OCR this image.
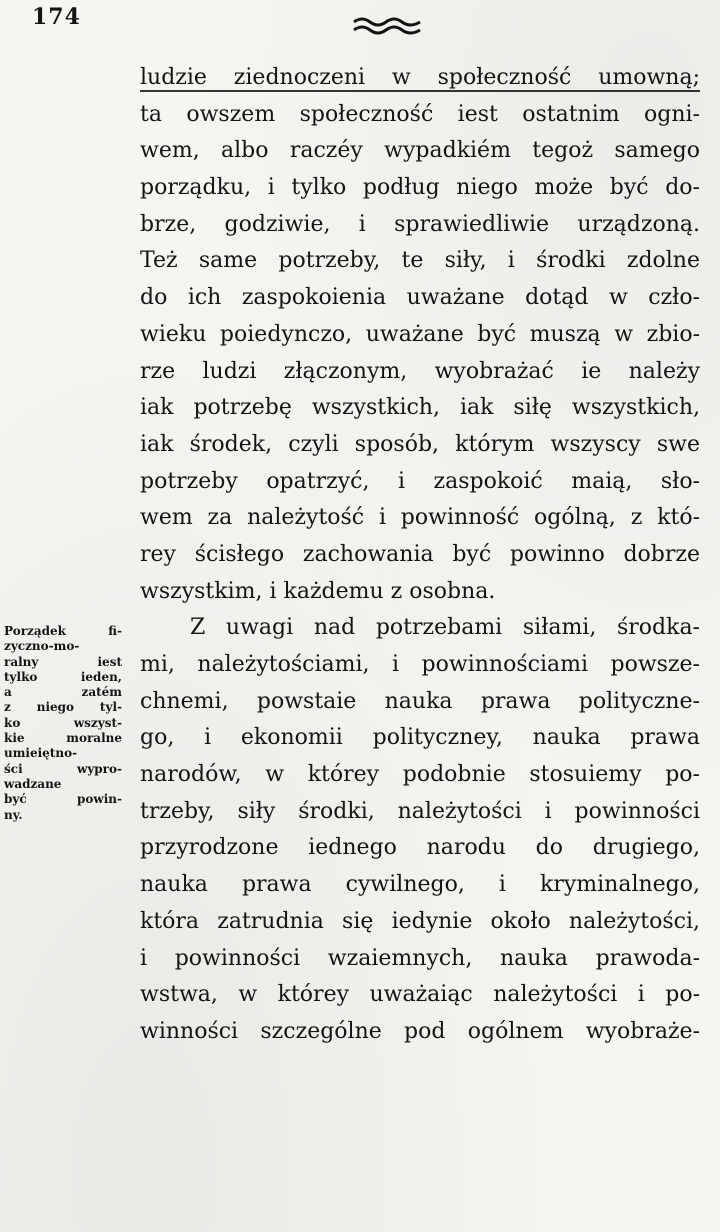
174
ludzie ziednoczeni w społeczność umowną;
ta owszem społeczność iest ostatnim ogni-
wem, albo raczéy wypadkiém tegoż samego
porządku, i tylko podług niego może być do-
brze, godziwie, i sprawiedliwie urządzoną.
Też same potrzeby, te siły, i środki zdolne
do ich zaspokoienia uważane dotąd w czło-
wieku poiedynczo, uważane być muszą w zbio-
rze ludzi złączonym, wyobrażać ie należy
iak potrzebę wszystkich, iak siłę wszystkich,
iak środek, czyli sposób, którym wszyscy swe
potrzeby opatrzyć, i zaspokoić maią, sło-
wem za należytość i powinność ogólną, z któ-
rey ścisłego zachowania być powinno dobrze
wszystkim, i każdemu z osobna.
Z uwagi nad potrzebami siłami, środka-
mi, należytościami, i powinnościami powsze-
chnemi, powstaie nauka prawa polityczne-
go, i ekonomii polityczney, nauka prawa
narodów, w którey podobnie stosuiemy po-
trzeby, siły środki, należytości i powinności
przyrodzone iednego narodu do drugiego,
nauka prawa cywilnego, i kryminalnego,
która zatrudnia się iedynie około należytości,
i powinności wzaiemnych, nauka prawoda-
wstwa, w którey uważaiąc należytości i po-
winności szczególne pod ogólnem wyobraże-
Porządek fi-
zyczno-mo-
ralny iest
tylko ieden,
a zatém
z niego tyl-
ko wszyst-
kie moralne
umieiętno-
ści wypro-
wadzane
być powin-
ny.
